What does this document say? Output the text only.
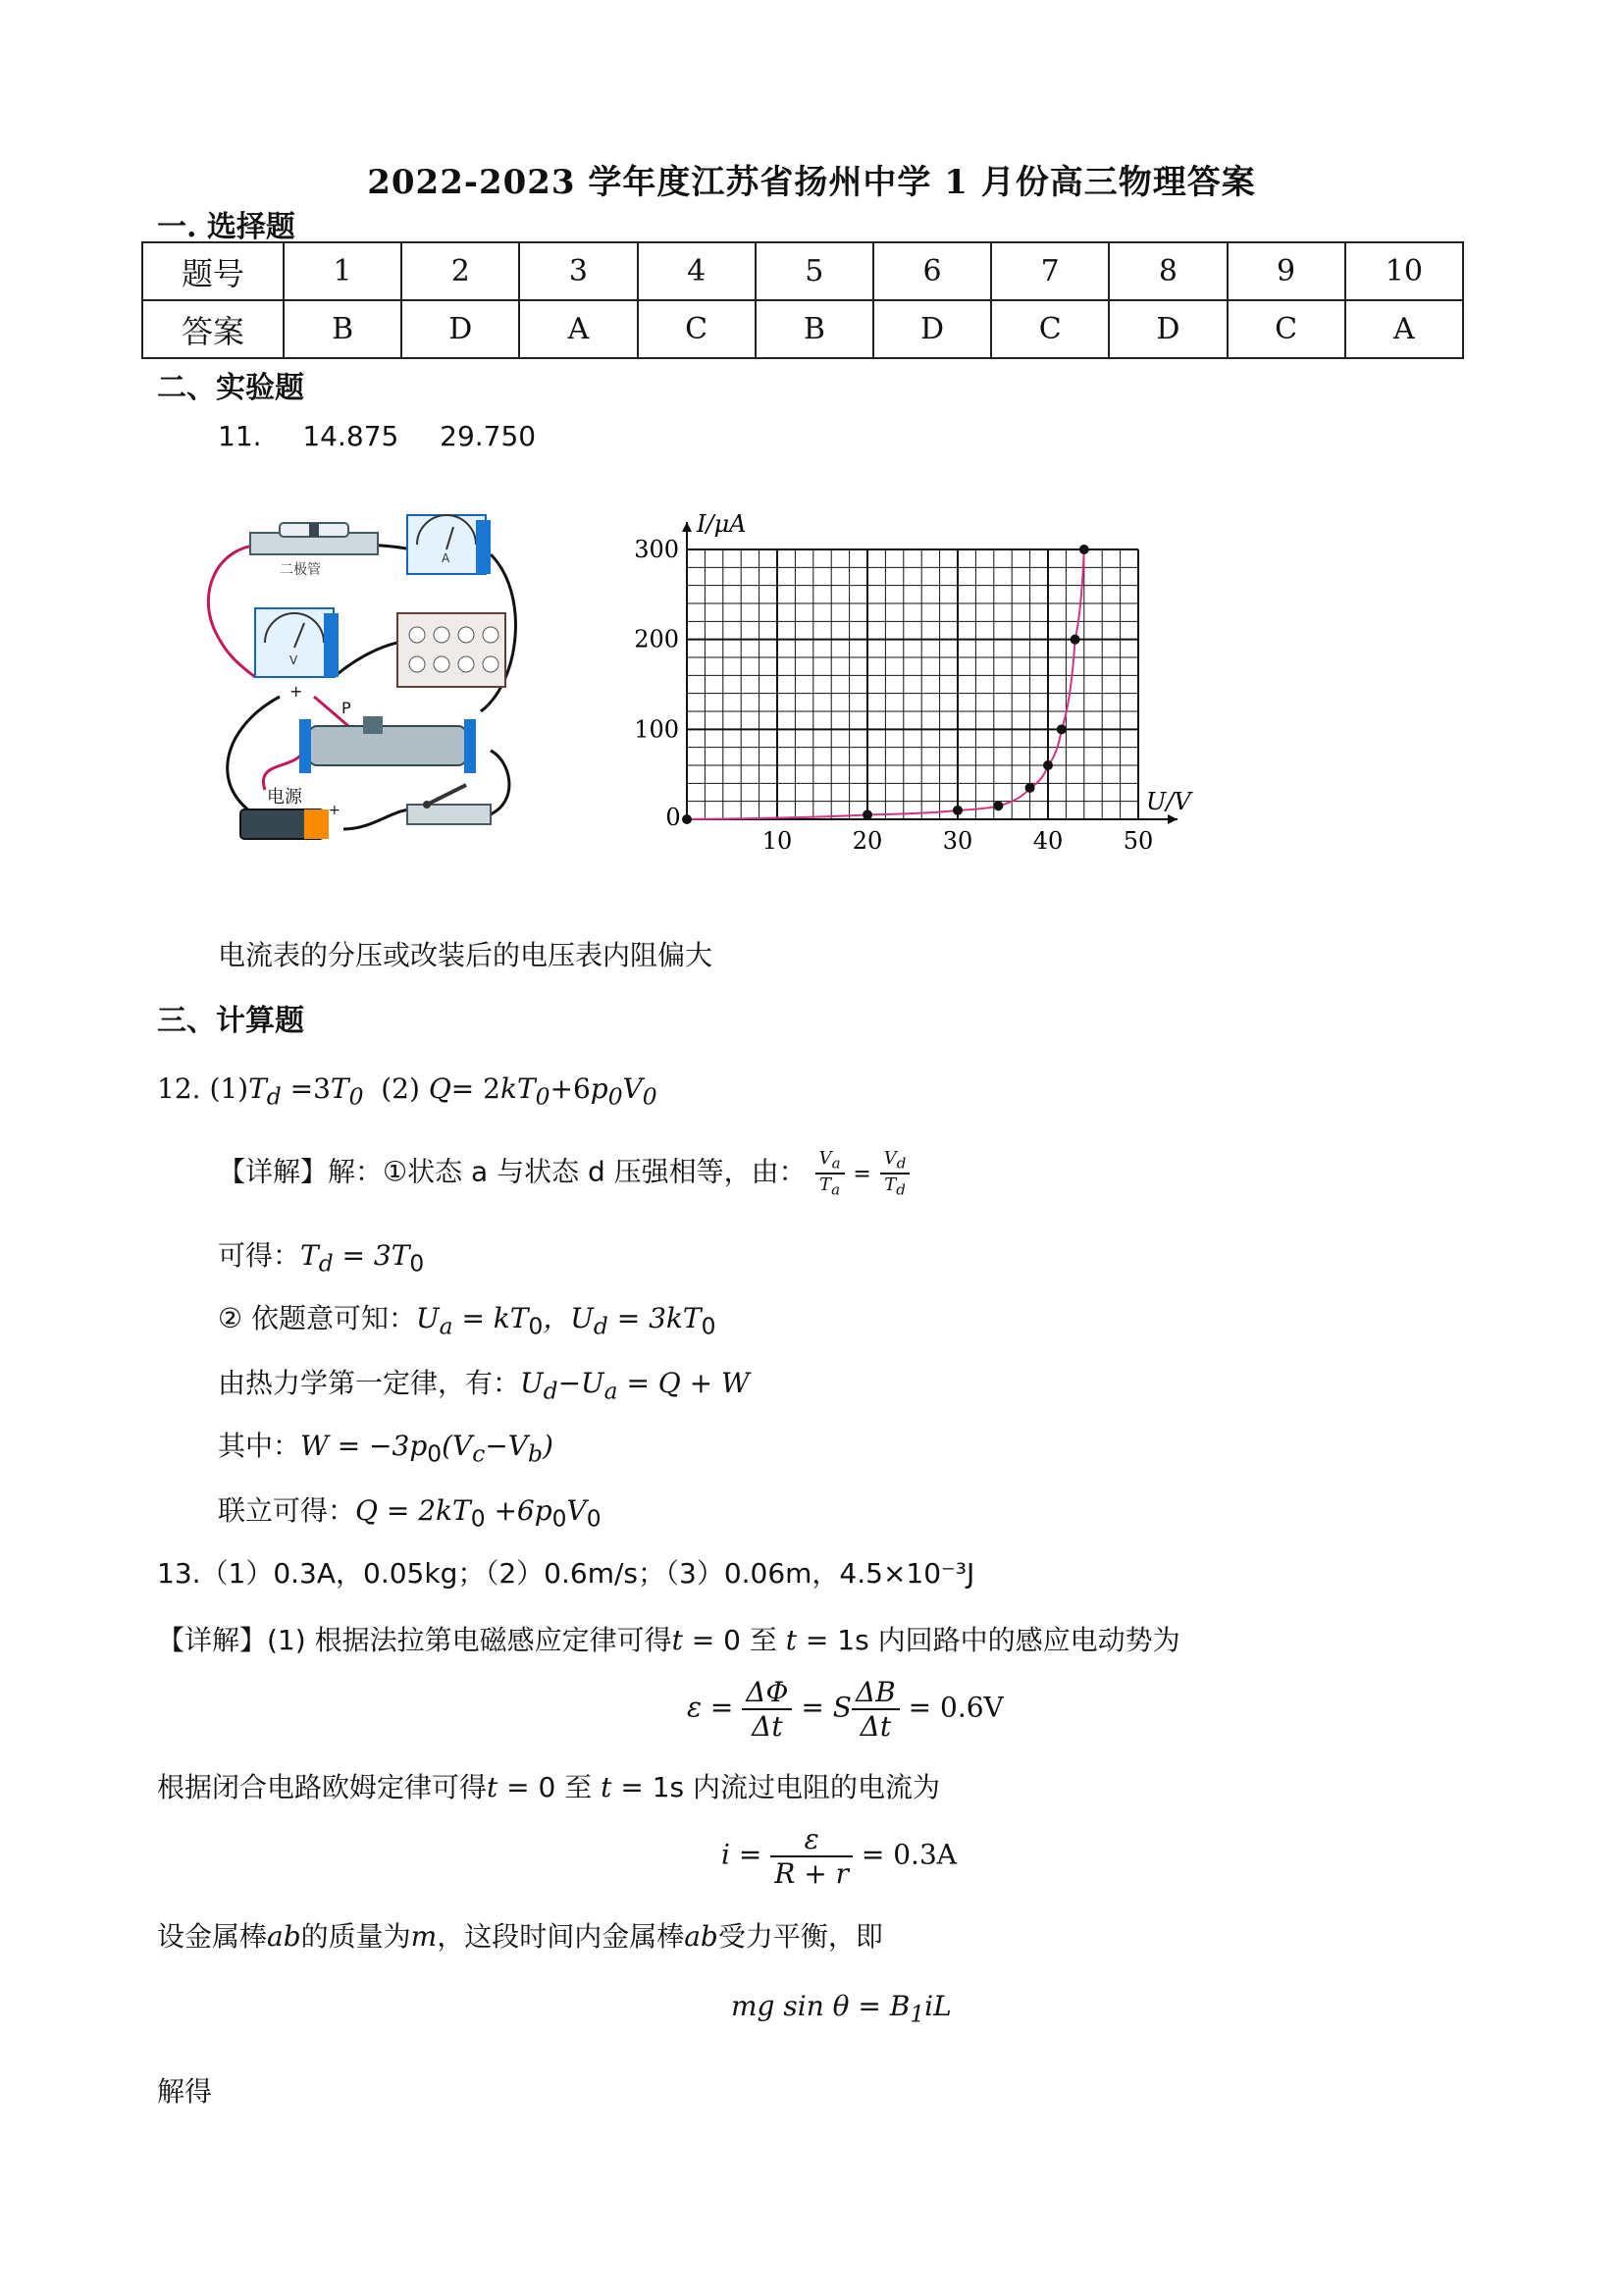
2022-2023 学年度江苏省扬州中学 1 月份高三物理答案
一. 选择题
题号	1	2	3	4	5	6	7	8	9	10
答案	B	D	A	C	B	D	C	D	C	A
二、实验题
11. 14.875 29.750
二极管
A
V
+
P
电源
+	0
10	20	30	40	50
100
200
300
U/V
I/μA
电流表的分压或改装后的电压表内阻偏大
三、计算题
12. $(1)T_d =3T_0$  (2) $Q= 2kT_0+6p_0V_0$
【详解】解：①状态 a 与状态 d 压强相等，由： $\frac{V_a}{T_a} = \frac{V_d}{T_d}$
可得：$T_d = 3T_0$
② 依题意可知：$U_a = kT_0$，$U_d = 3kT_0$
由热力学第一定律，有：$U_d-U_a = Q + W$
其中：$W = -3p_0(V_c-V_b)$
联立可得：$Q = 2kT_0 +6p_0V_0$
13.（1）0.3A，0.05kg；（2）0.6m/s；（3）0.06m，4.5×10⁻³J
【详解】(1) 根据法拉第电磁感应定律可得t = 0 至 t = 1s 内回路中的感应电动势为
$\varepsilon = \frac{\Delta\Phi}{\Delta t} = S \frac{\Delta B}{\Delta t} = 0.6V$
根据闭合电路欧姆定律可得t = 0 至 t = 1s 内流过电阻的电流为
$i = \frac{\varepsilon}{R + r} = 0.3A$
设金属棒ab的质量为m，这段时间内金属棒ab受力平衡，即
mg $\sin \theta = B_1iL$
解得
